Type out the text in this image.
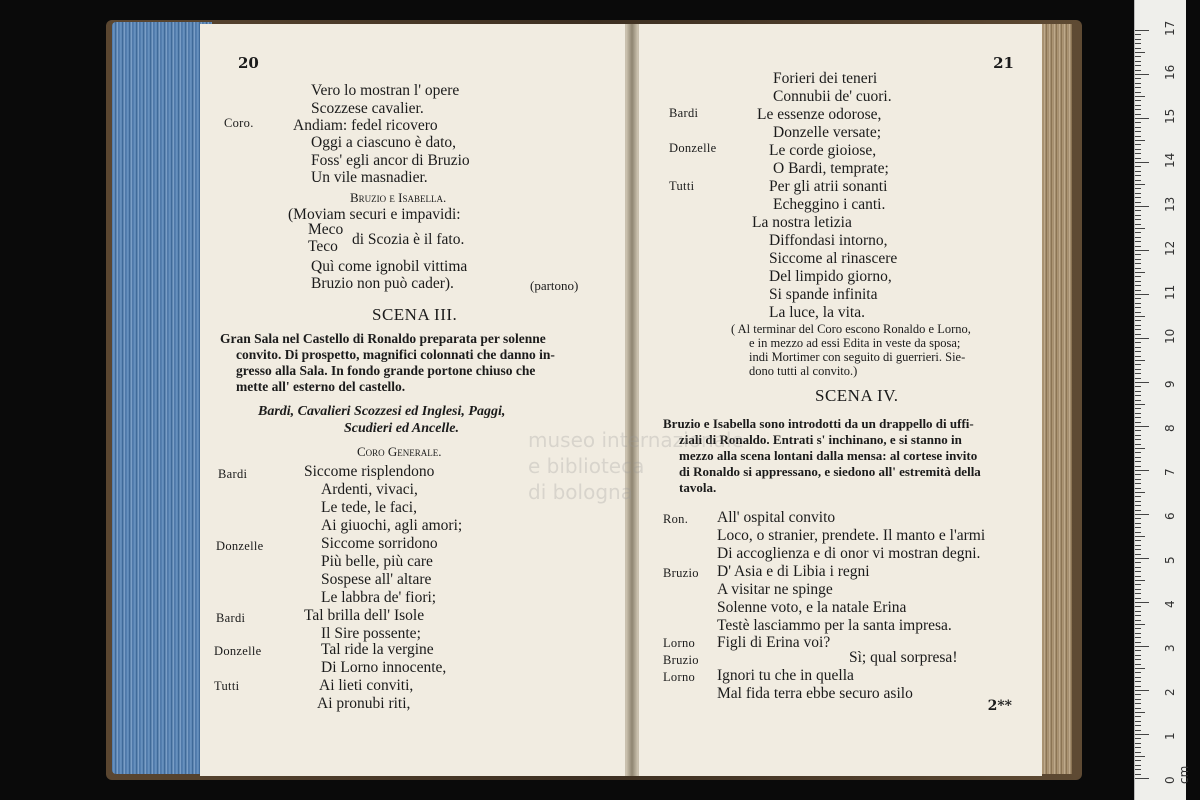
20
Vero lo mostran l' opere
Scozzese cavalier.
Coro.	Andiam: fedel ricovero
Oggi a ciascuno è dato,
Foss' egli ancor di Bruzio
Un vile masnadier.
Bruzio e Isabella.
(Moviam securi e impavidi:
Meco
Teco di Scozia è il fato.
Quì come ignobil vittima
Bruzio non può cader).	(partono)
SCENA III.
Gran Sala nel Castello di Ronaldo preparata per solenne
convito. Di prospetto, magnifici colonnati che danno in-
gresso alla Sala. In fondo grande portone chiuso che
mette all' esterno del castello.
Bardi, Cavalieri Scozzesi ed Inglesi, Paggi,
Scudieri ed Ancelle.
Coro Generale.
Bardi	Siccome risplendono
Ardenti, vivaci,
Le tede, le faci,
Ai giuochi, agli amori;
Donzelle	Siccome sorridono
Più belle, più care
Sospese all' altare
Le labbra de' fiori;
Bardi	Tal brilla dell' Isole
Il Sire possente;
Donzelle	Tal ride la vergine
Di Lorno innocente,
Tutti	Ai lieti conviti,
Ai pronubi riti,
21
Forieri dei teneri
Connubii de' cuori.
Bardi	Le essenze odorose,
Donzelle versate;
Donzelle	Le corde gioiose,
O Bardi, temprate;
Tutti	Per gli atrii sonanti
Echeggino i canti.
La nostra letizia
Diffondasi intorno,
Siccome al rinascere
Del limpido giorno,
Si spande infinita
La luce, la vita.
( Al terminar del Coro escono Ronaldo e Lorno,
e in mezzo ad essi Edita in veste da sposa;
indi Mortimer con seguito di guerrieri. Sie-
dono tutti al convito.)
SCENA IV.
Bruzio e Isabella sono introdotti da un drappello di uffi-
ziali di Ronaldo. Entrati s' inchinano, e si stanno in
mezzo alla scena lontani dalla mensa: al cortese invito
di Ronaldo si appressano, e siedono all' estremità della
tavola.
Ron. All' ospital convito
Loco, o stranier, prendete. Il manto e l'armi
Di accoglienza e di onor vi mostran degni.
Bruzio D' Asia e di Libia i regni
A visitar ne spinge
Solenne voto, e la natale Erina
Testè lasciammo per la santa impresa.
Lorno Figli di Erina voi?
Bruzio	Sì; qual sorpresa!
Lorno Ignori tu che in quella
Mal fida terra ebbe securo asilo
2**
museo internazionale
e biblioteca
di bologna
17
16
15
14
13
12
11
10
9
8
7
6
5
4
3
2
1
0 cm
